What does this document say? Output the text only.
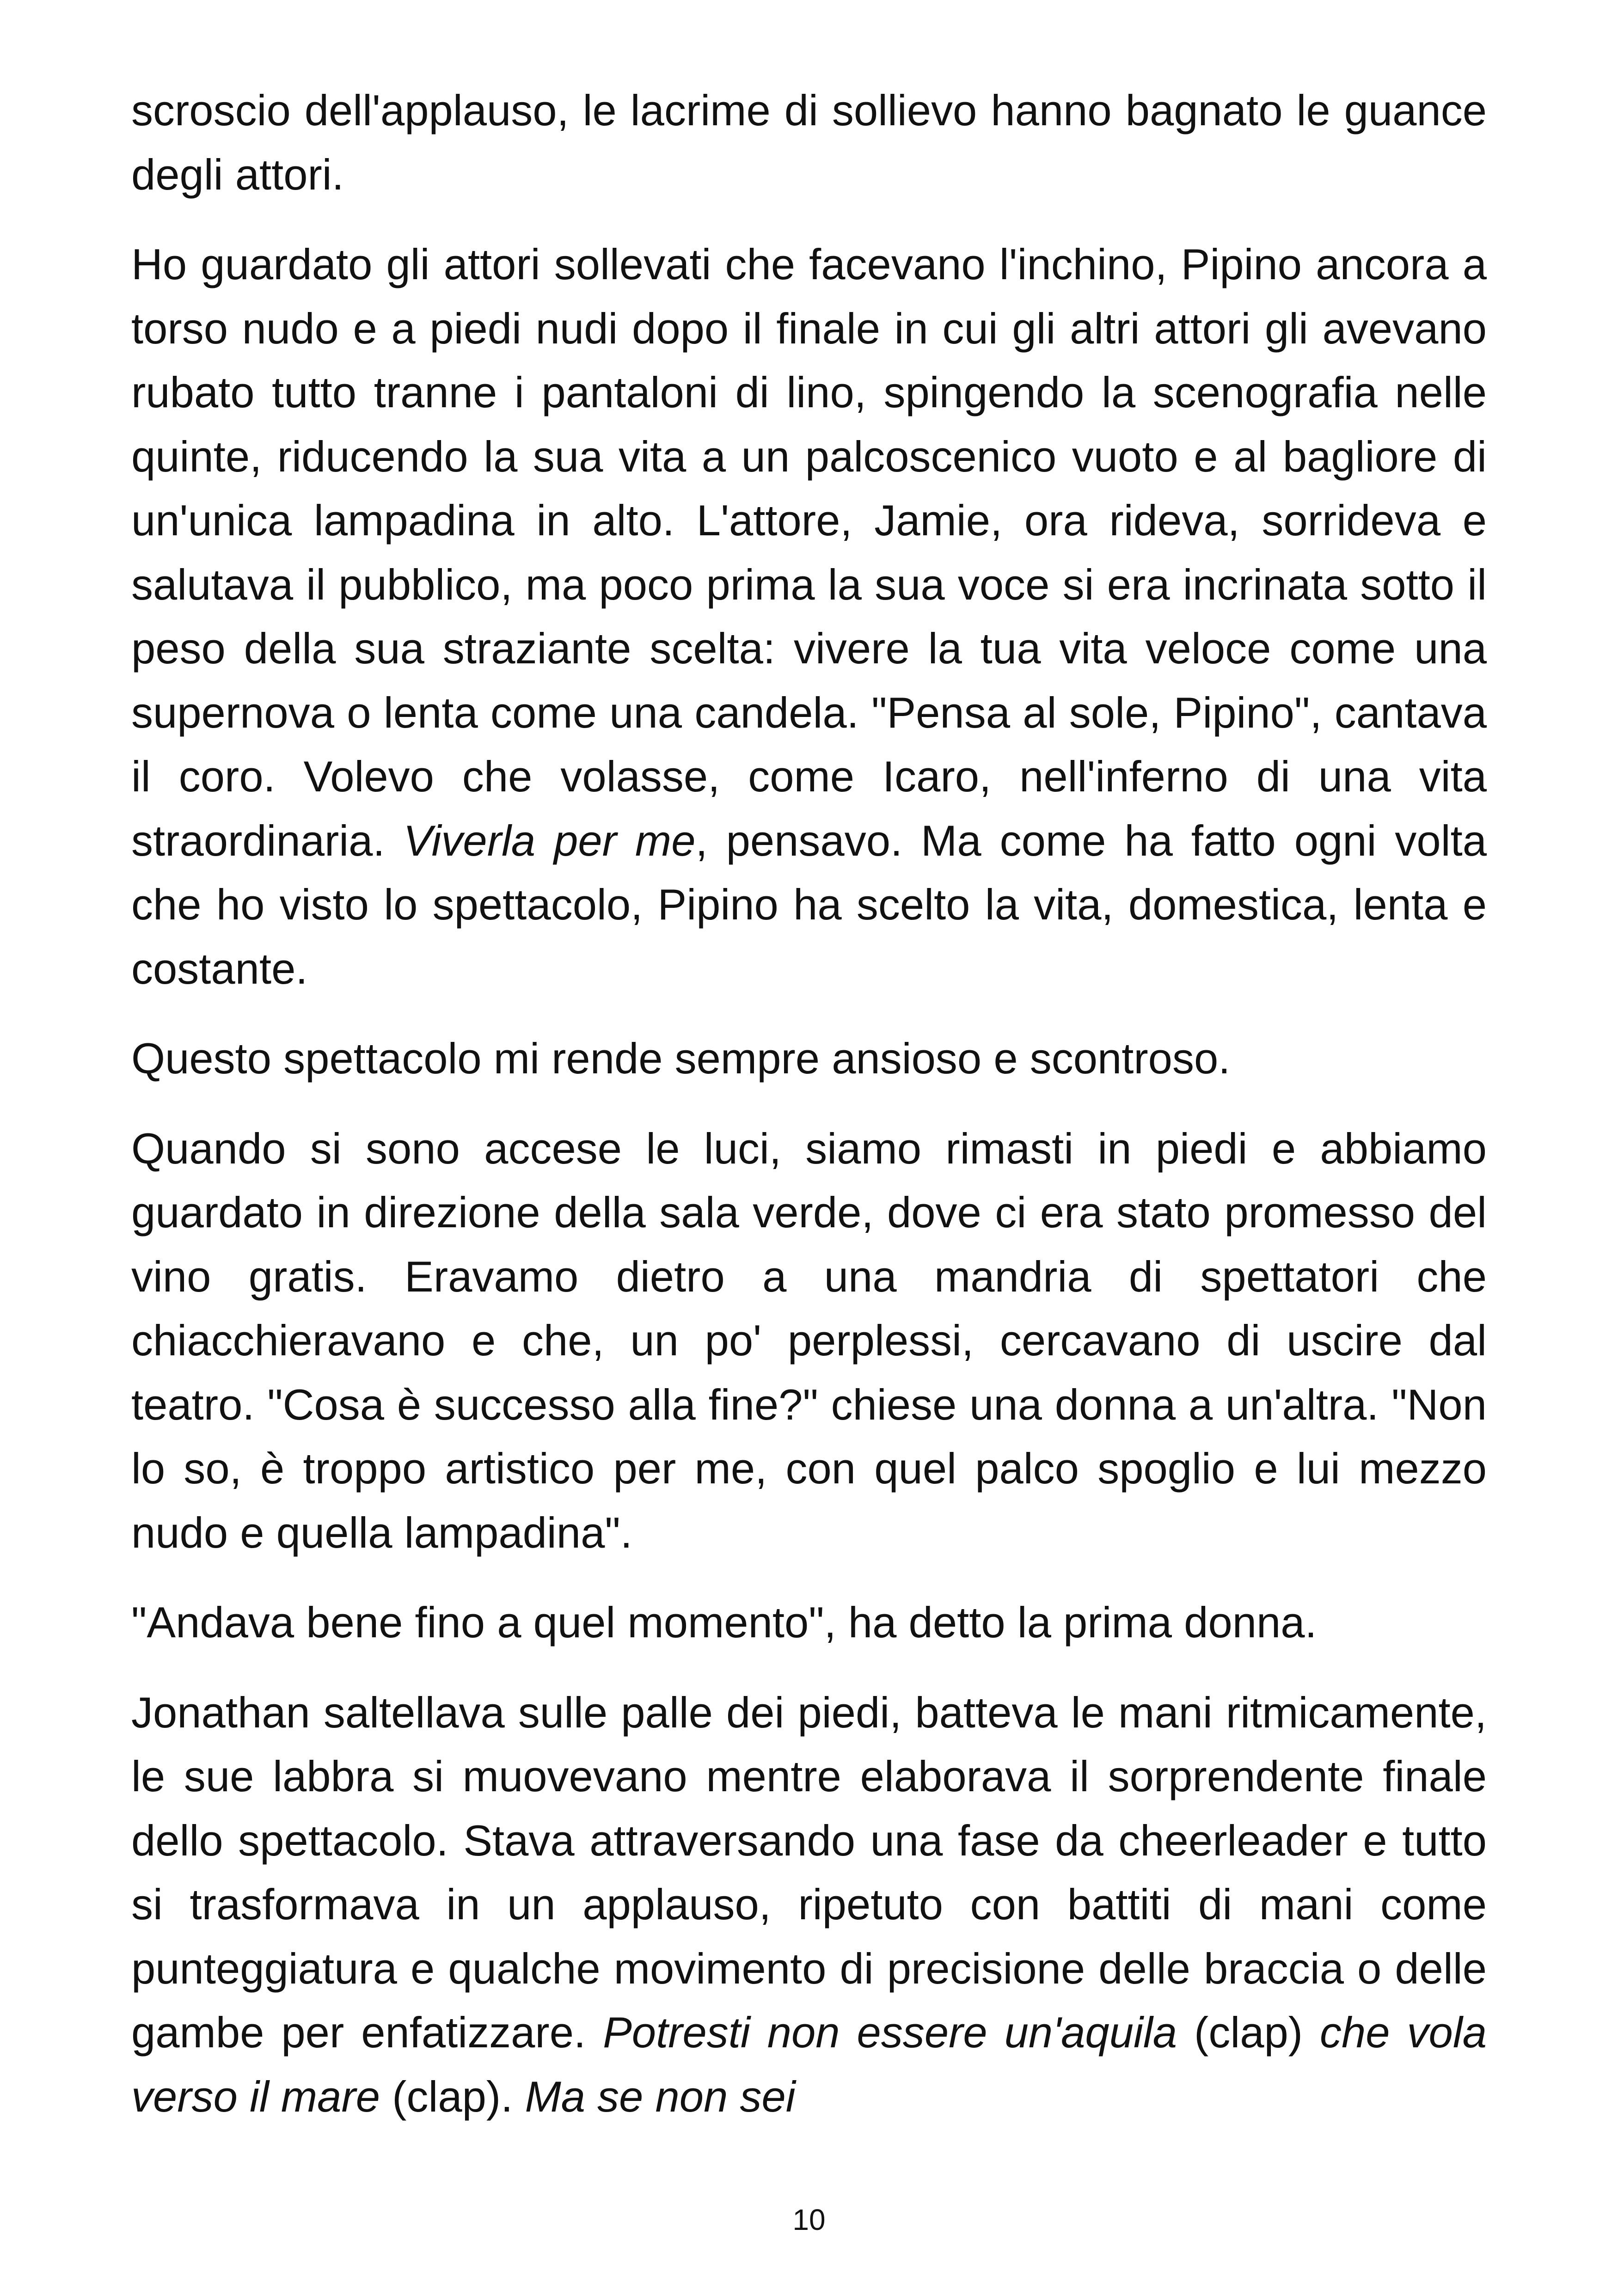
scroscio dell'applauso, le lacrime di sollievo hanno bagnato le guance degli attori.

Ho guardato gli attori sollevati che facevano l'inchino, Pipino ancora a torso nudo e a piedi nudi dopo il finale in cui gli altri attori gli avevano rubato tutto tranne i pantaloni di lino, spingendo la scenografia nelle quinte, riducendo la sua vita a un palcoscenico vuoto e al bagliore di un'unica lampadina in alto. L'attore, Jamie, ora rideva, sorrideva e salutava il pubblico, ma poco prima la sua voce si era incrinata sotto il peso della sua straziante scelta: vivere la tua vita veloce come una supernova o lenta come una candela. "Pensa al sole, Pipino", cantava il coro. Volevo che volasse, come Icaro, nell'inferno di una vita straordinaria. Viverla per me, pensavo. Ma come ha fatto ogni volta che ho visto lo spettacolo, Pipino ha scelto la vita, domestica, lenta e costante.

Questo spettacolo mi rende sempre ansioso e scontroso.

Quando si sono accese le luci, siamo rimasti in piedi e abbiamo guardato in direzione della sala verde, dove ci era stato promesso del vino gratis. Eravamo dietro a una mandria di spettatori che chiacchieravano e che, un po' perplessi, cercavano di uscire dal teatro. "Cosa è successo alla fine?" chiese una donna a un'altra. "Non lo so, è troppo artistico per me, con quel palco spoglio e lui mezzo nudo e quella lampadina".

"Andava bene fino a quel momento", ha detto la prima donna.

Jonathan saltellava sulle palle dei piedi, batteva le mani ritmicamente, le sue labbra si muovevano mentre elaborava il sorprendente finale dello spettacolo. Stava attraversando una fase da cheerleader e tutto si trasformava in un applauso, ripetuto con battiti di mani come punteggiatura e qualche movimento di precisione delle braccia o delle gambe per enfatizzare. Potresti non essere un'aquila (clap) che vola verso il mare (clap). Ma se non sei

10
